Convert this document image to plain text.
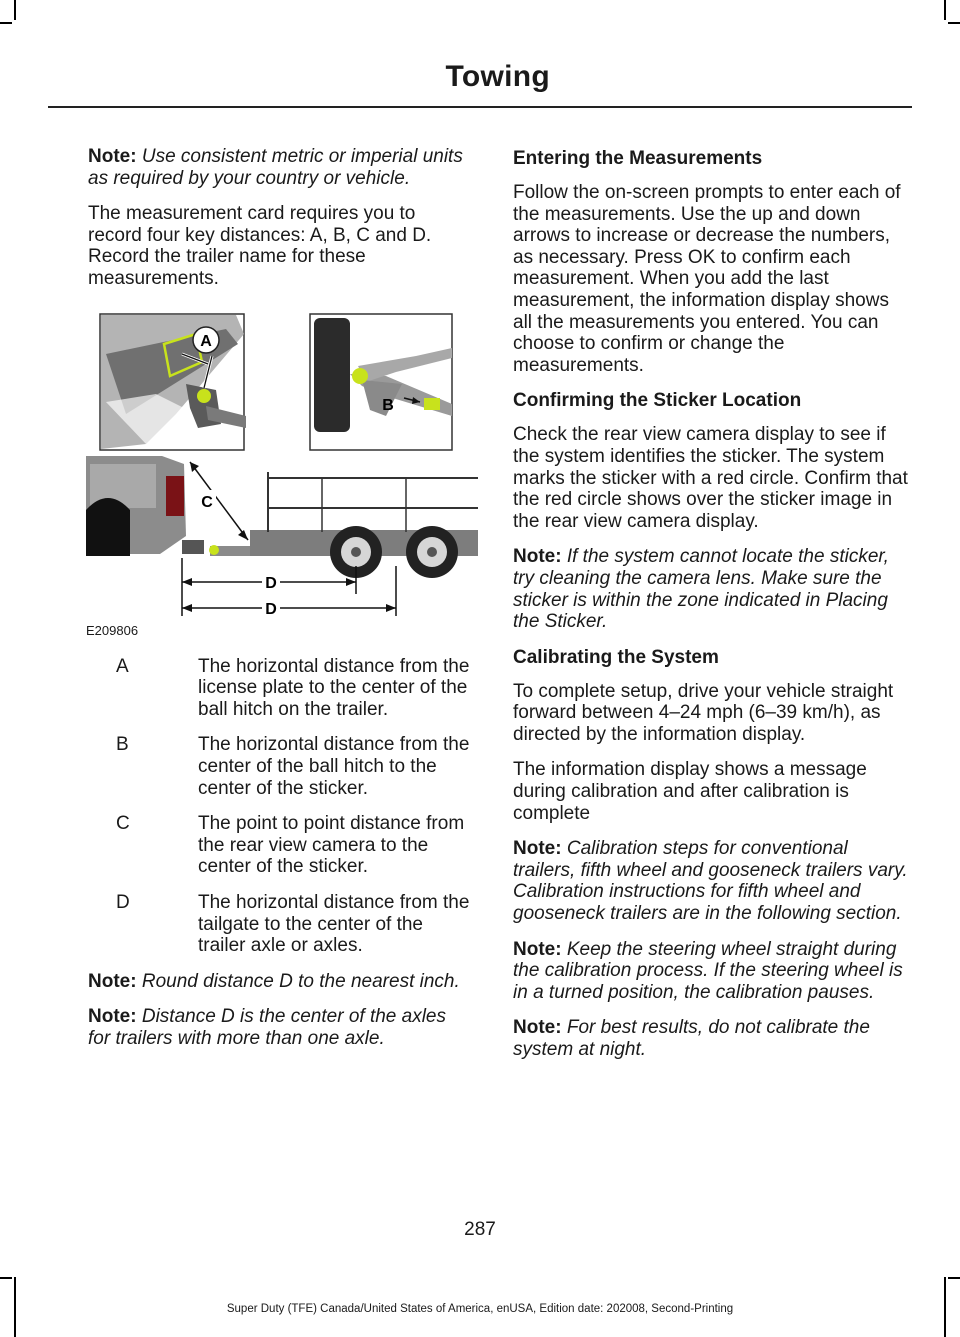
Towing

Note: Use consistent metric or imperial units as required by your country or vehicle.

The measurement card requires you to record four key distances: A, B, C and D. Record the trailer name for these measurements.

A
B
C
D
D
E209806
A	The horizontal distance from the license plate to the center of the ball hitch on the trailer.
B	The horizontal distance from the center of the ball hitch to the center of the sticker.
C	The point to point distance from the rear view camera to the center of the sticker.
D	The horizontal distance from the tailgate to the center of the trailer axle or axles.

Note: Round distance D to the nearest inch.

Note: Distance D is the center of the axles for trailers with more than one axle.

Entering the Measurements

Follow the on-screen prompts to enter each of the measurements. Use the up and down arrows to increase or decrease the numbers, as necessary. Press OK to confirm each measurement. When you add the last measurement, the information display shows all the measurements you entered. You can choose to confirm or change the measurements.

Confirming the Sticker Location

Check the rear view camera display to see if the system identifies the sticker. The system marks the sticker with a red circle. Confirm that the red circle shows over the sticker image in the rear view camera display.

Note: If the system cannot locate the sticker, try cleaning the camera lens. Make sure the sticker is within the zone indicated in Placing the Sticker.

Calibrating the System

To complete setup, drive your vehicle straight forward between 4–24 mph (6–39 km/h), as directed by the information display.

The information display shows a message during calibration and after calibration is complete

Note: Calibration steps for conventional trailers, fifth wheel and gooseneck trailers vary. Calibration instructions for fifth wheel and gooseneck trailers are in the following section.

Note: Keep the steering wheel straight during the calibration process. If the steering wheel is in a turned position, the calibration pauses.

Note: For best results, do not calibrate the system at night.

287
Super Duty (TFE) Canada/United States of America, enUSA, Edition date: 202008, Second-Printing
